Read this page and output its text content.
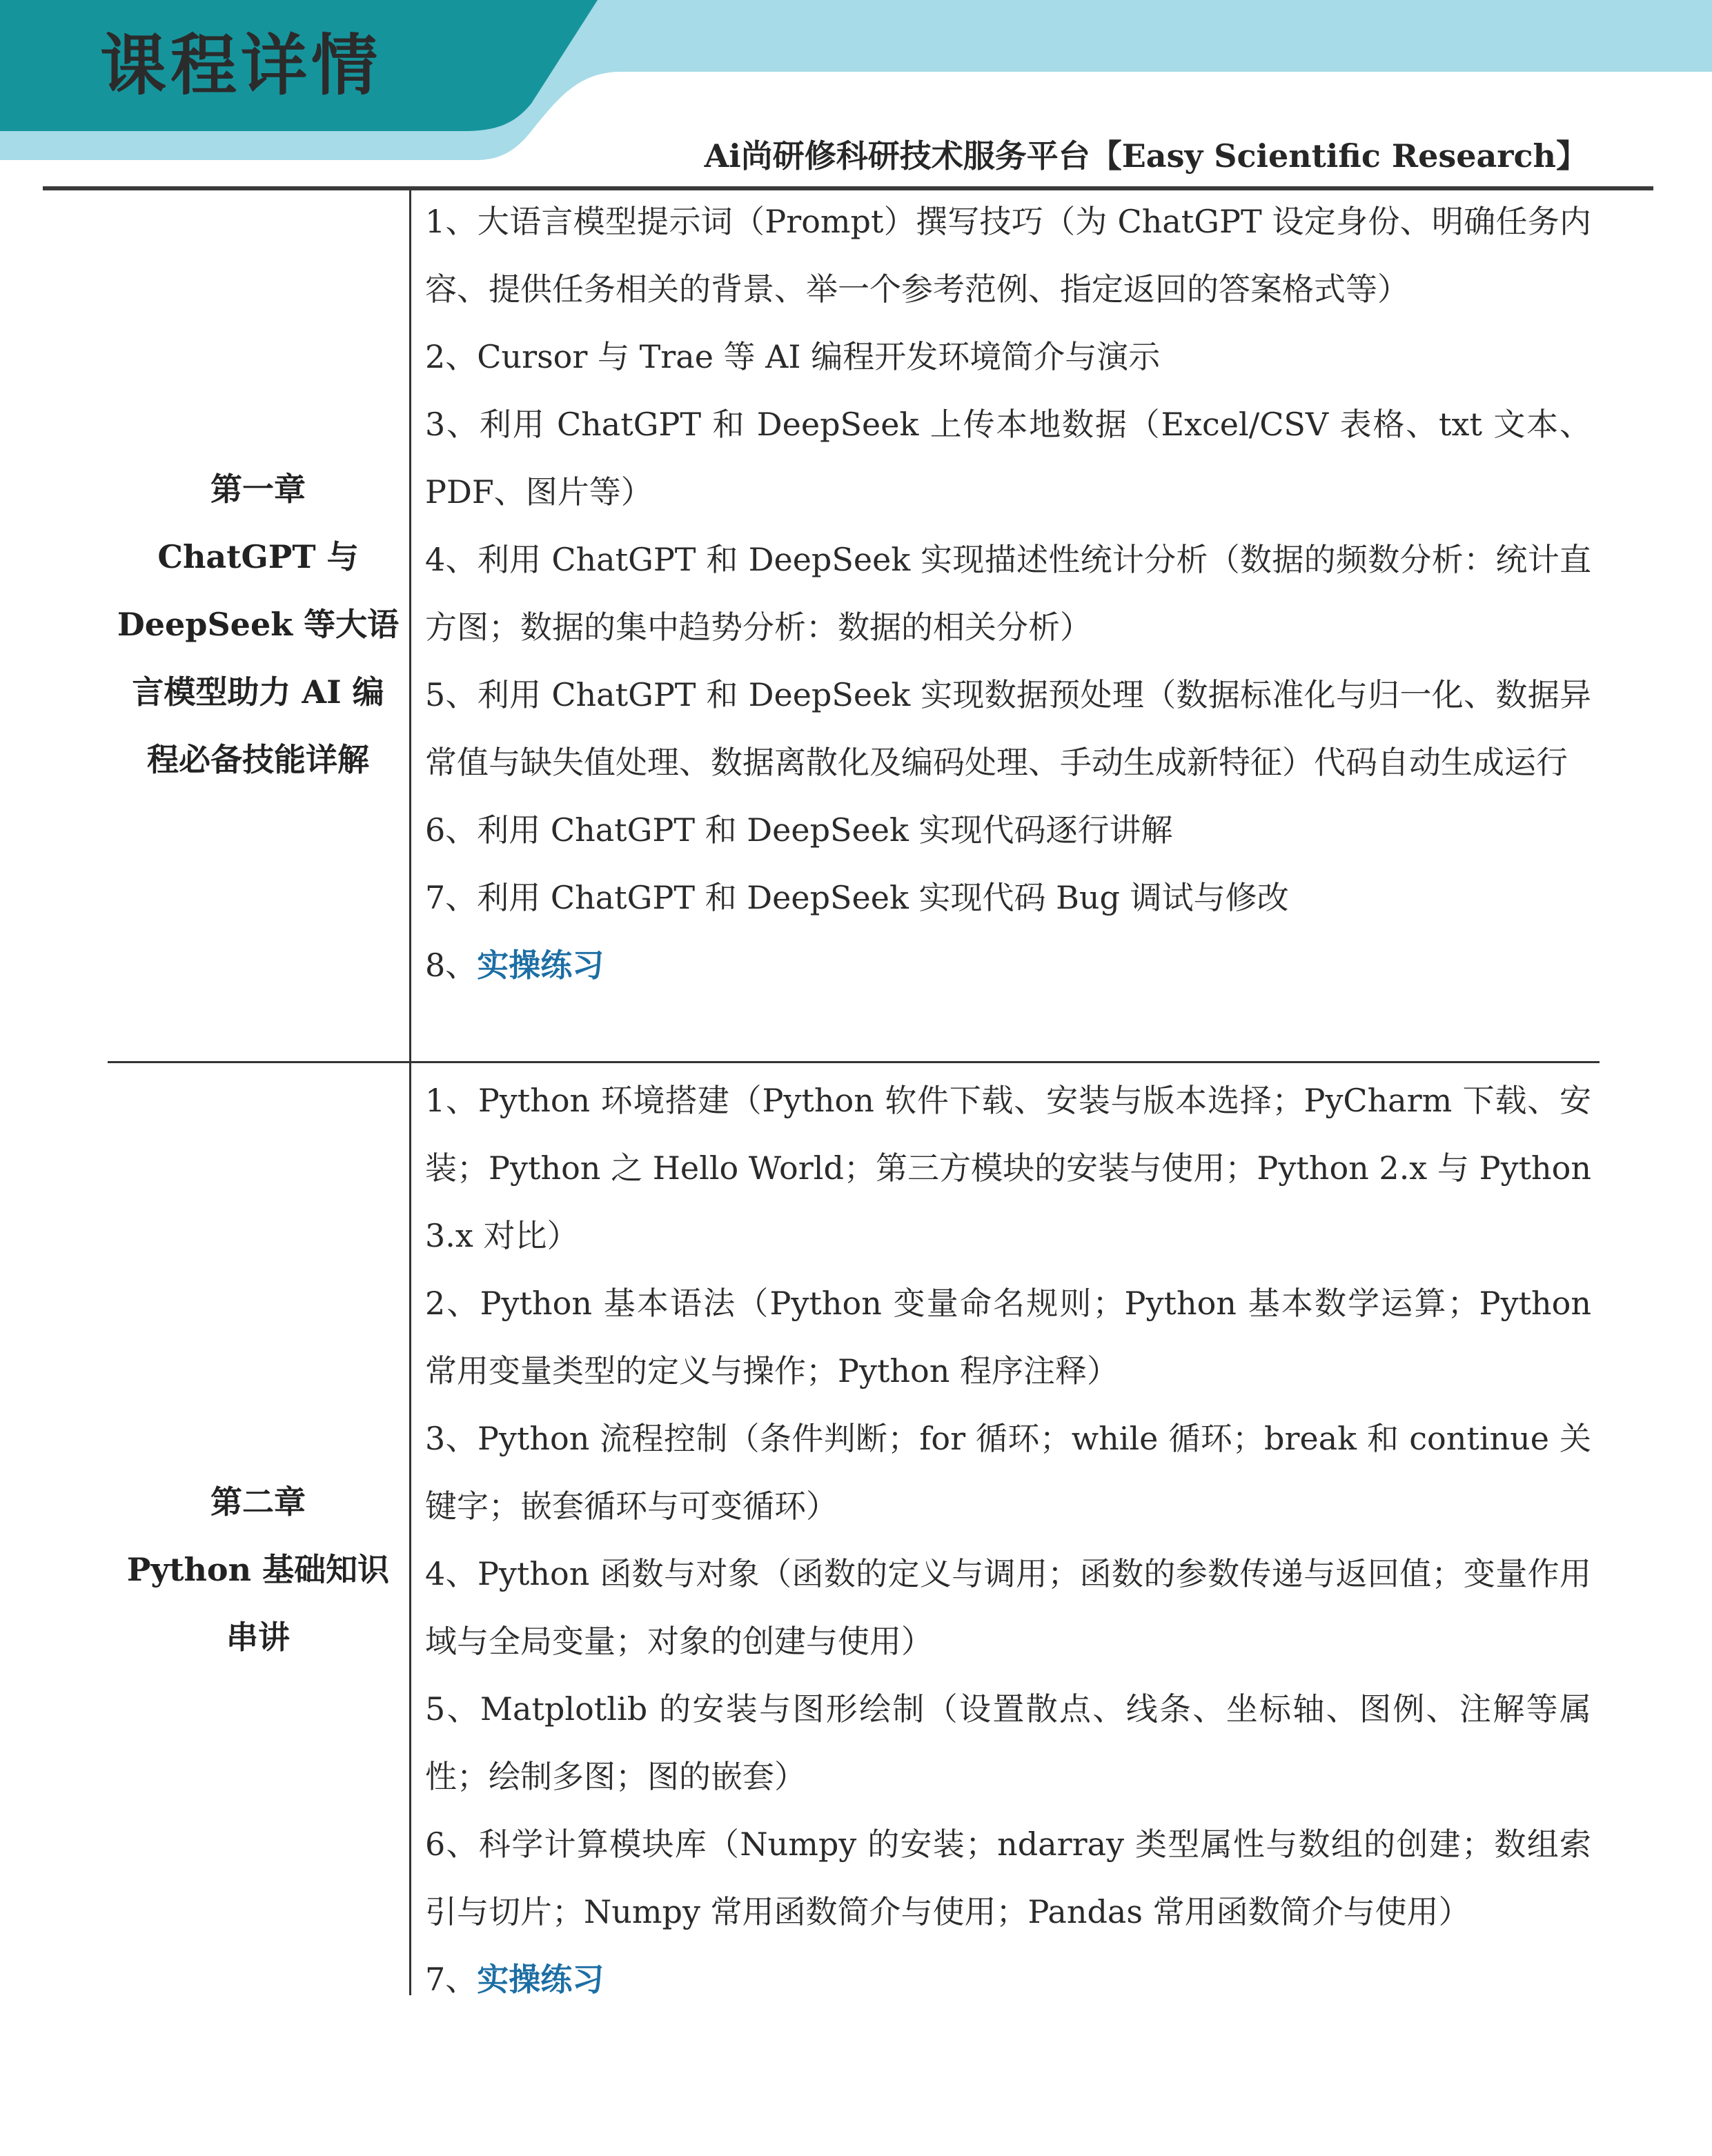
课程详情
Ai尚研修科研技术服务平台【Easy Scientific Research】
第一章
ChatGPT 与
DeepSeek 等大语
言模型助力 AI 编
程必备技能详解
1、大语言模型提示词（Prompt）撰写技巧（为 ChatGPT 设定身份、明确任务内容、提供任务相关的背景、举一个参考范例、指定返回的答案格式等）
2、Cursor 与 Trae 等 AI 编程开发环境简介与演示
3、利用 ChatGPT 和 DeepSeek 上传本地数据（Excel/CSV 表格、txt 文本、PDF、图片等）
4、利用 ChatGPT 和 DeepSeek 实现描述性统计分析（数据的频数分析：统计直方图；数据的集中趋势分析：数据的相关分析）
5、利用 ChatGPT 和 DeepSeek 实现数据预处理（数据标准化与归一化、数据异常值与缺失值处理、数据离散化及编码处理、手动生成新特征）代码自动生成运行
6、利用 ChatGPT 和 DeepSeek 实现代码逐行讲解
7、利用 ChatGPT 和 DeepSeek 实现代码 Bug 调试与修改
8、实操练习
第二章
Python 基础知识
串讲
1、Python 环境搭建（Python 软件下载、安装与版本选择；PyCharm 下载、安装；Python 之 Hello World；第三方模块的安装与使用；Python 2.x 与 Python 3.x 对比）
2、Python 基本语法（Python 变量命名规则；Python 基本数学运算；Python 常用变量类型的定义与操作；Python 程序注释）
3、Python 流程控制（条件判断；for 循环；while 循环；break 和 continue 关键字；嵌套循环与可变循环）
4、Python 函数与对象（函数的定义与调用；函数的参数传递与返回值；变量作用域与全局变量；对象的创建与使用）
5、Matplotlib 的安装与图形绘制（设置散点、线条、坐标轴、图例、注解等属性；绘制多图；图的嵌套）
6、科学计算模块库（Numpy 的安装；ndarray 类型属性与数组的创建；数组索引与切片；Numpy 常用函数简介与使用；Pandas 常用函数简介与使用）
7、实操练习
